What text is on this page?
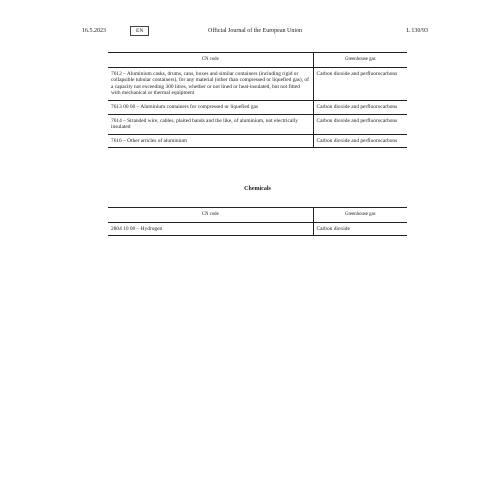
16.5.2023	EN	Official Journal of the European Union	L 130/93
CN code	Greenhouse gas
7612 – Aluminium casks, drums, cans, boxes and similar containers (including rigid or collapsible tubular containers), for any material (other than compressed or liquefied gas), of a capacity not exceeding 300 litres, whether or not lined or heat-insulated, but not fitted with mechanical or thermal equipment	Carbon dioxide and perfluorocarbons
7613 00 00 – Aluminium containers for compressed or liquefied gas	Carbon dioxide and perfluorocarbons
7614 – Stranded wire, cables, plaited bands and the like, of aluminium, not electrically insulated	Carbon dioxide and perfluorocarbons
7616 – Other articles of aluminium	Carbon dioxide and perfluorocarbons
Chemicals
CN code	Greenhouse gas
2804 10 00 – Hydrogen	Carbon dioxide
